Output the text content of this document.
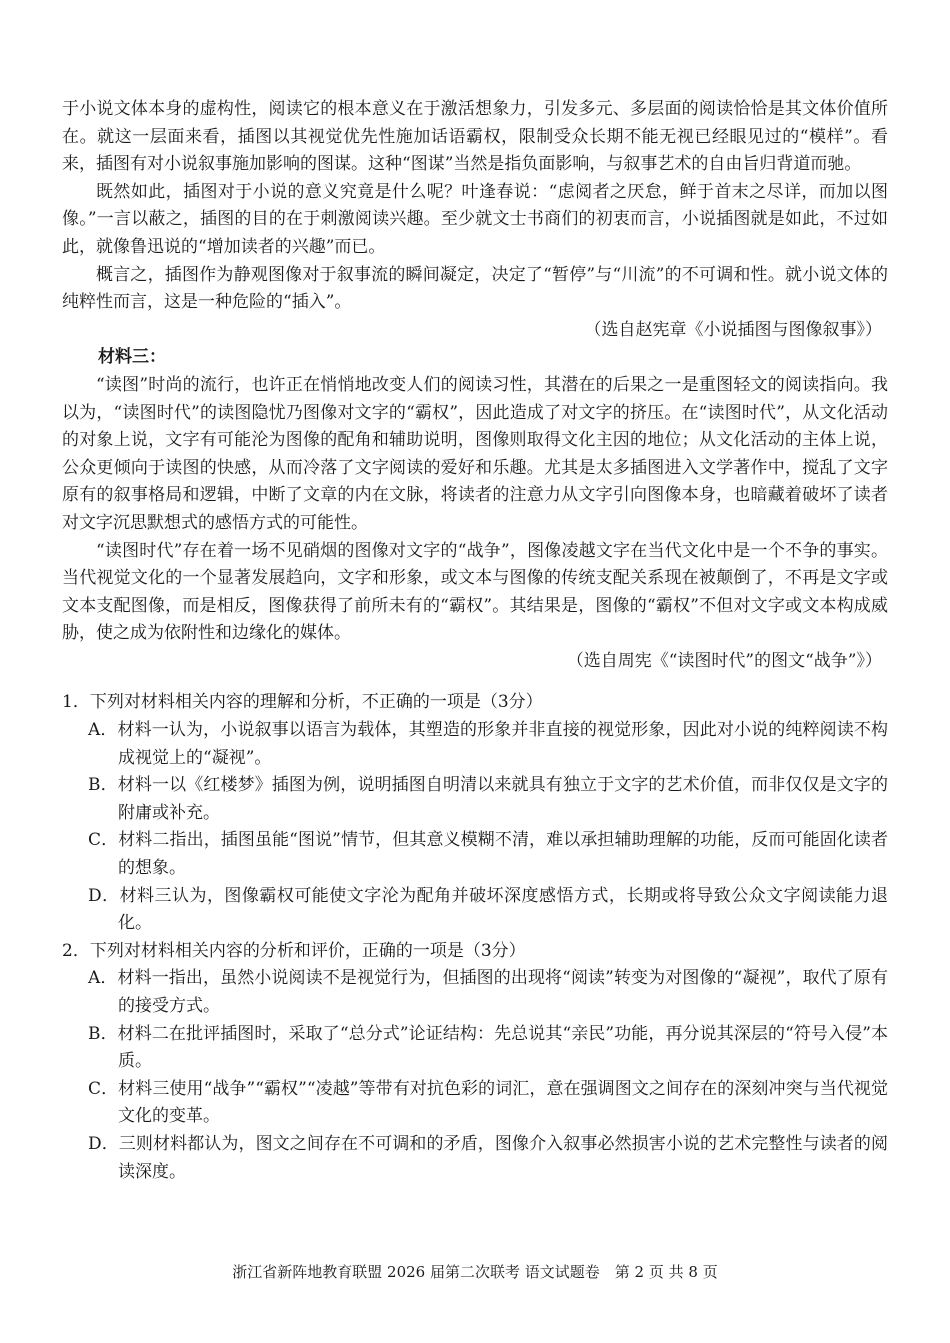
于小说文体本身的虚构性，阅读它的根本意义在于激活想象力，引发多元、多层面的阅读恰恰是其文体价值所在。就这一层面来看，插图以其视觉优先性施加话语霸权，限制受众长期不能无视已经眼见过的“模样”。看来，插图有对小说叙事施加影响的图谋。这种“图谋”当然是指负面影响，与叙事艺术的自由旨归背道而驰。

既然如此，插图对于小说的意义究竟是什么呢？叶逢春说：“虑阅者之厌怠，鲜于首末之尽详，而加以图像。”一言以蔽之，插图的目的在于刺激阅读兴趣。至少就文士书商们的初衷而言，小说插图就是如此，不过如此，就像鲁迅说的“增加读者的兴趣”而已。

概言之，插图作为静观图像对于叙事流的瞬间凝定，决定了“暂停”与“川流”的不可调和性。就小说文体的纯粹性而言，这是一种危险的“插入”。

（选自赵宪章《小说插图与图像叙事》）

材料三：

“读图”时尚的流行，也许正在悄悄地改变人们的阅读习性，其潜在的后果之一是重图轻文的阅读指向。我以为，“读图时代”的读图隐忧乃图像对文字的“霸权”，因此造成了对文字的挤压。在“读图时代”，从文化活动的对象上说，文字有可能沦为图像的配角和辅助说明，图像则取得文化主因的地位；从文化活动的主体上说，公众更倾向于读图的快感，从而冷落了文字阅读的爱好和乐趣。尤其是太多插图进入文学著作中，搅乱了文字原有的叙事格局和逻辑，中断了文章的内在文脉，将读者的注意力从文字引向图像本身，也暗藏着破坏了读者对文字沉思默想式的感悟方式的可能性。

“读图时代”存在着一场不见硝烟的图像对文字的“战争”，图像凌越文字在当代文化中是一个不争的事实。当代视觉文化的一个显著发展趋向，文字和形象，或文本与图像的传统支配关系现在被颠倒了，不再是文字或文本支配图像，而是相反，图像获得了前所未有的“霸权”。其结果是，图像的“霸权”不但对文字或文本构成威胁，使之成为依附性和边缘化的媒体。

（选自周宪《“读图时代”的图文“战争”》）

1．下列对材料相关内容的理解和分析，不正确的一项是（3分）

A．材料一认为，小说叙事以语言为载体，其塑造的形象并非直接的视觉形象，因此对小说的纯粹阅读不构成视觉上的“凝视”。

B．材料一以《红楼梦》插图为例，说明插图自明清以来就具有独立于文字的艺术价值，而非仅仅是文字的附庸或补充。

C．材料二指出，插图虽能“图说”情节，但其意义模糊不清，难以承担辅助理解的功能，反而可能固化读者的想象。

D．材料三认为，图像霸权可能使文字沦为配角并破坏深度感悟方式，长期或将导致公众文字阅读能力退化。

2．下列对材料相关内容的分析和评价，正确的一项是（3分）

A．材料一指出，虽然小说阅读不是视觉行为，但插图的出现将“阅读”转变为对图像的“凝视”，取代了原有的接受方式。

B．材料二在批评插图时，采取了“总分式”论证结构：先总说其“亲民”功能，再分说其深层的“符号入侵”本质。

C．材料三使用“战争”“霸权”“凌越”等带有对抗色彩的词汇，意在强调图文之间存在的深刻冲突与当代视觉文化的变革。

D．三则材料都认为，图文之间存在不可调和的矛盾，图像介入叙事必然损害小说的艺术完整性与读者的阅读深度。

浙江省新阵地教育联盟 2026 届第二次联考 语文试题卷　第 2 页 共 8 页
